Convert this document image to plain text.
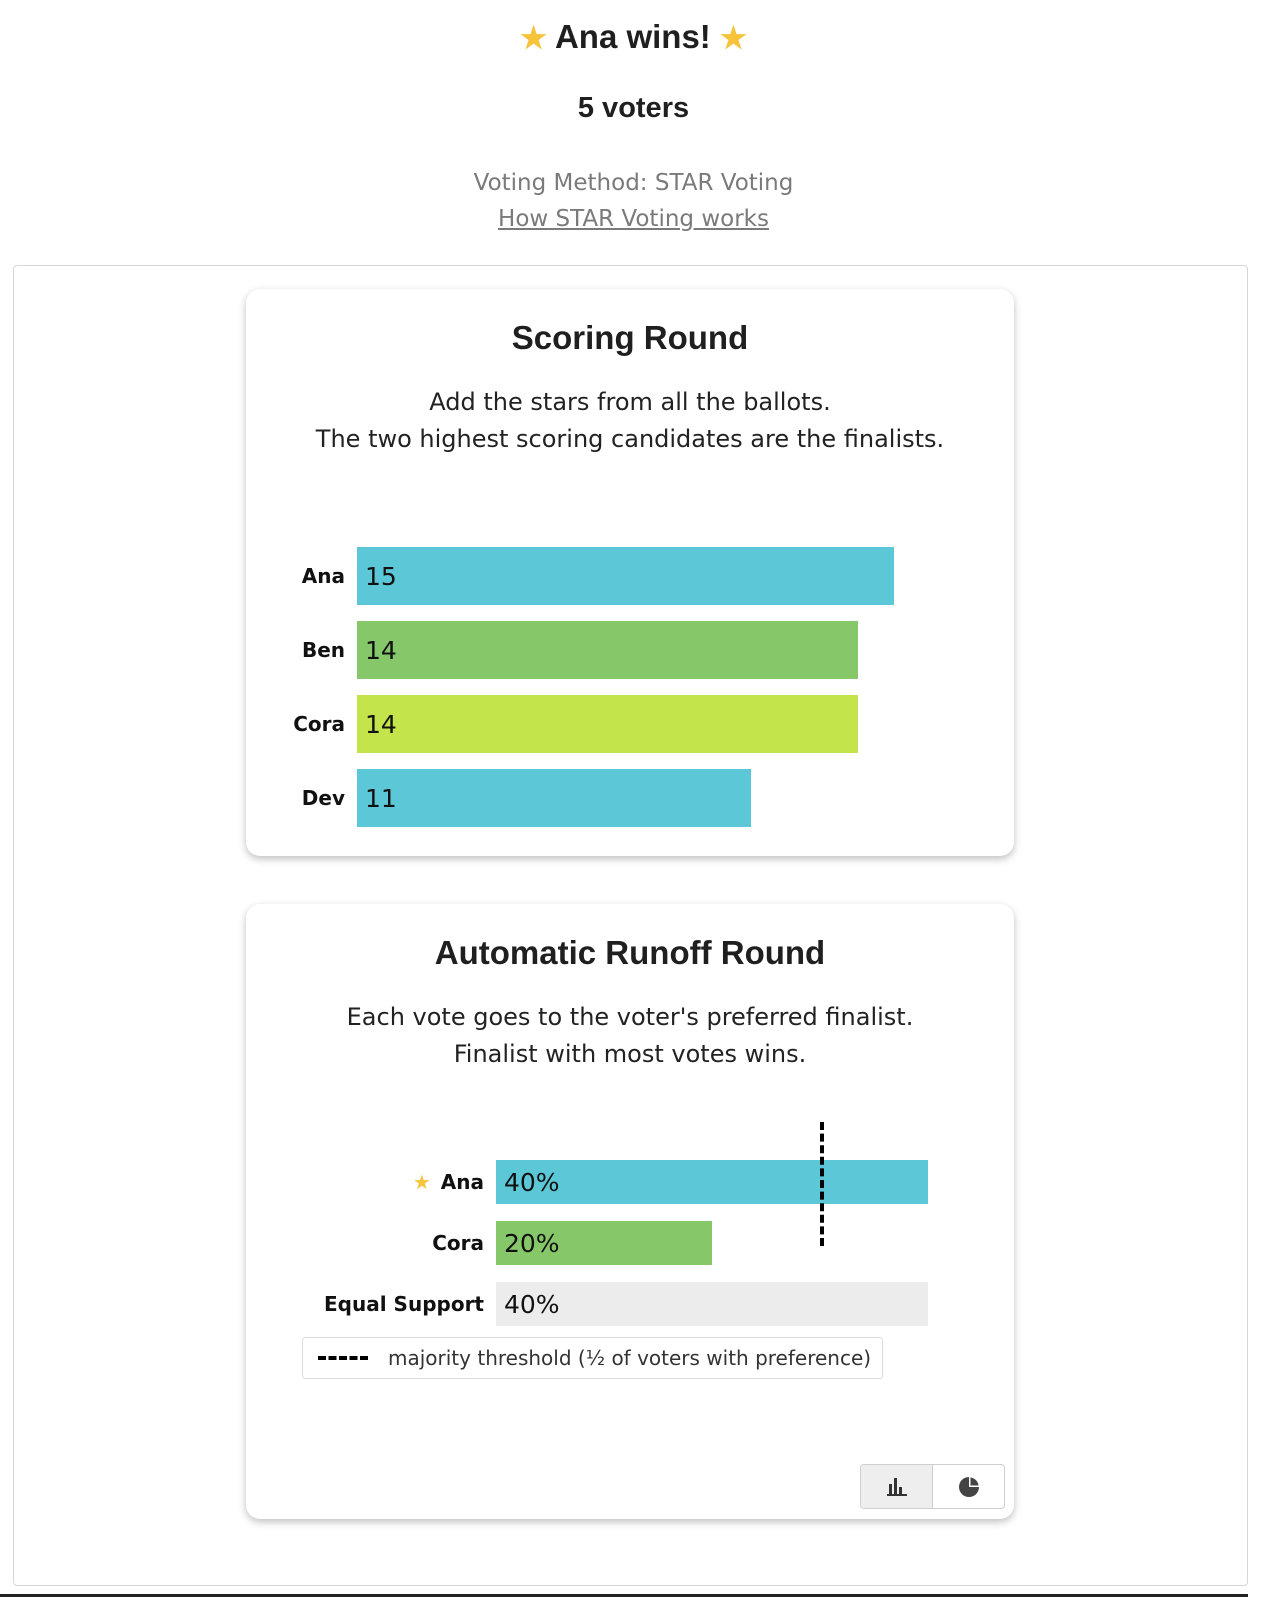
★ Ana wins! ★
5 voters
Voting Method: STAR Voting
How STAR Voting works
Scoring Round
Add the stars from all the ballots.
The two highest scoring candidates are the finalists.
Ana 15
Ben 14
Cora 14
Dev 11
Automatic Runoff Round
Each vote goes to the voter's preferred finalist.
Finalist with most votes wins.
★ Ana 40%
Cora 20%
Equal Support 40%
majority threshold (½ of voters with preference)
